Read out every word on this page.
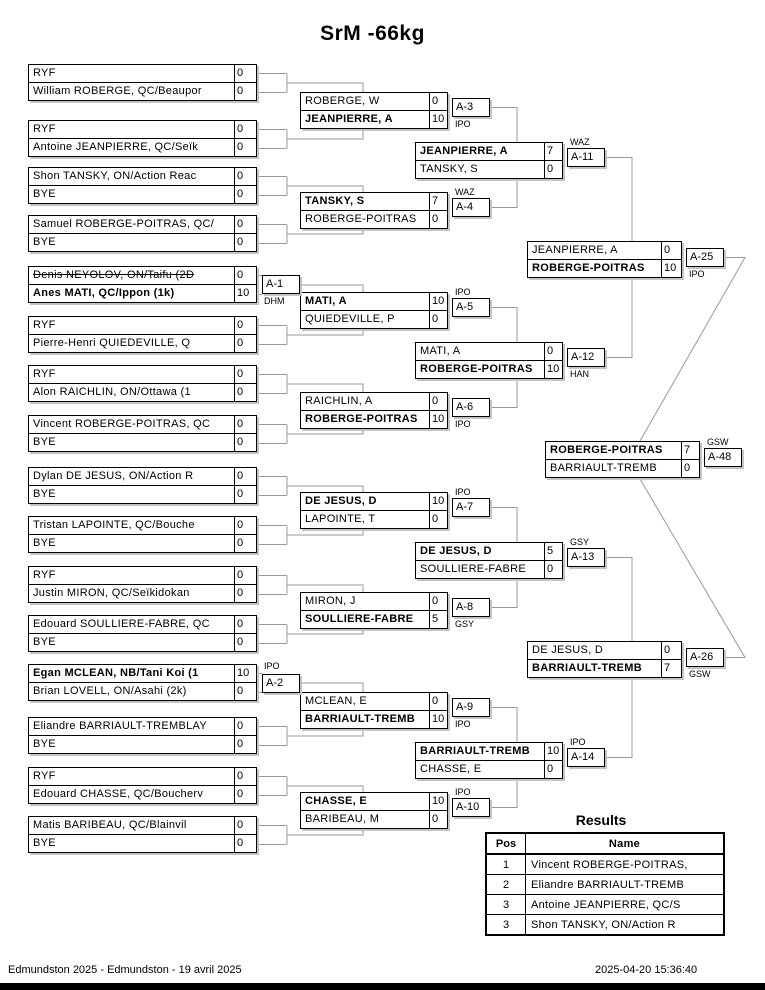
SrM -66kg
RYF	0
William ROBERGE, QC/Beaupor	0
RYF	0
Antoine JEANPIERRE, QC/Seïk	0
Shon TANSKY, ON/Action Reac	0
BYE	0
Samuel ROBERGE-POITRAS, QC/	0
BYE	0
Denis NEYOLOV, ON/Taifu (2D	0
Anes MATI, QC/Ippon (1k)	10
A-1
DHM
RYF	0
Pierre-Henri QUIEDEVILLE, Q	0
RYF	0
Alon RAICHLIN, ON/Ottawa (1	0
Vincent ROBERGE-POITRAS, QC	0
BYE	0
Dylan DE JESUS, ON/Action R	0
BYE	0
Tristan LAPOINTE, QC/Bouche	0
BYE	0
RYF	0
Justin MIRON, QC/Seïkidokan	0
Edouard SOULLIERE-FABRE, QC	0
BYE	0
Egan MCLEAN, NB/Tani Koi (1	10
Brian LOVELL, ON/Asahi (2k)	0
A-2
IPO
Eliandre BARRIAULT-TREMBLAY	0
BYE	0
RYF	0
Edouard CHASSE, QC/Boucherv	0
Matis BARIBEAU, QC/Blainvil	0
BYE	0
ROBERGE, W	0
JEANPIERRE, A	10
A-3
IPO
TANSKY, S	7
ROBERGE-POITRAS	0
A-4
WAZ
MATI, A	10
QUIEDEVILLE, P	0
A-5
IPO
RAICHLIN, A	0
ROBERGE-POITRAS	10
A-6
IPO
DE JESUS, D	10
LAPOINTE, T	0
A-7
IPO
MIRON, J	0
SOULLIERE-FABRE	5
A-8
GSY
MCLEAN, E	0
BARRIAULT-TREMB	10
A-9
IPO
CHASSE, E	10
BARIBEAU, M	0
A-10
IPO
JEANPIERRE, A	7
TANSKY, S	0
A-11
WAZ
MATI, A	0
ROBERGE-POITRAS	10
A-12
HAN
DE JESUS, D	5
SOULLIERE-FABRE	0
A-13
GSY
BARRIAULT-TREMB	10
CHASSE, E	0
A-14
IPO
JEANPIERRE, A	0
ROBERGE-POITRAS	10
A-25
IPO
DE JESUS, D	0
BARRIAULT-TREMB	7
A-26
GSW
ROBERGE-POITRAS	7
BARRIAULT-TREMB	0
A-48
GSW
Results
Pos	Name
1	Vincent ROBERGE-POITRAS,
2	Eliandre BARRIAULT-TREMB
3	Antoine JEANPIERRE, QC/S
3	Shon TANSKY, ON/Action R
Edmundston 2025 - Edmundston - 19 avril 2025	2025-04-20 15:36:40
